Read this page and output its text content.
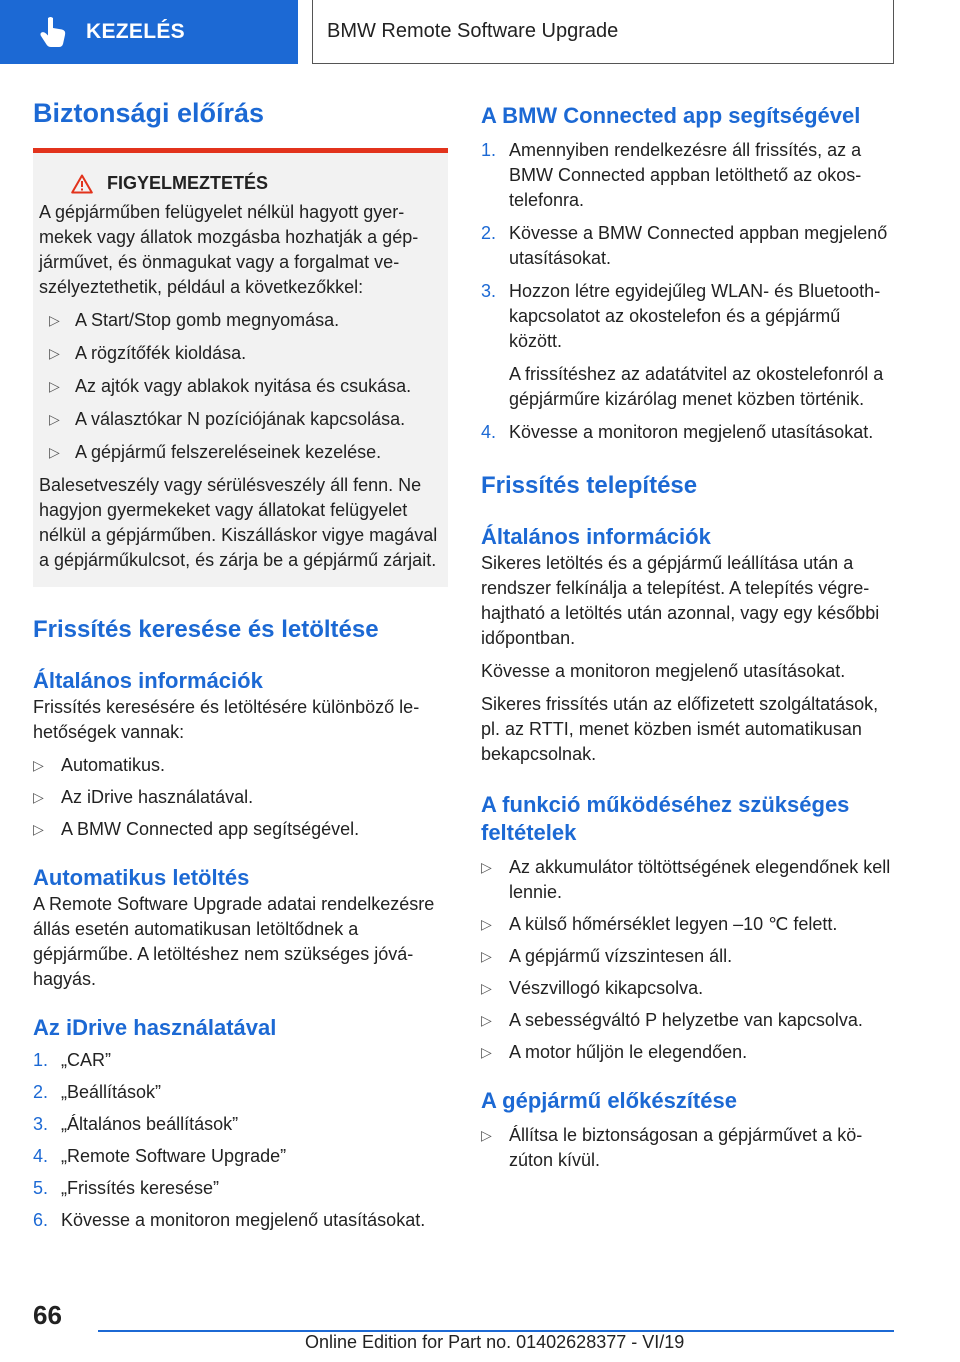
KEZELÉS	BMW Remote Software Upgrade
Biztonsági előírás
FIGYELMEZTETÉS

A gépjárműben felügyelet nélkül hagyott gyermekek vagy állatok mozgásba hozhatják a gépjárművet, és önmagukat vagy a forgalmat veszélyeztethetik, például a következőkkel:

▷ A Start/Stop gomb megnyomása.
▷ A rögzítőfék kioldása.
▷ Az ajtók vagy ablakok nyitása és csukása.
▷ A választókar N pozíciójának kapcsolása.
▷ A gépjármű felszereléseinek kezelése.

Balesetveszély vagy sérülésveszély áll fenn. Ne hagyjon gyermekeket vagy állatokat felügyelet nélkül a gépjárműben. Kiszálláskor vigye magával a gépjárműkulcsot, és zárja be a gépjármű zárjait.

Frissítés keresése és letöltése
Általános információk

Frissítés keresésére és letöltésére különböző lehetőségek vannak:

▷ Automatikus.
▷ Az iDrive használatával.
▷ A BMW Connected app segítségével.
Automatikus letöltés

A Remote Software Upgrade adatai rendelkezésre állás esetén automatikusan letöltődnek a gépjárműbe. A letöltéshez nem szükséges jóváhagyás.

Az iDrive használatával
1. „CAR”
2. „Beállítások”
3. „Általános beállítások”
4. „Remote Software Upgrade”
5. „Frissítés keresése”
6. Kövesse a monitoron megjelenő utasításokat.
A BMW Connected app segítségével
1. Amennyiben rendelkezésre áll frissítés, az a BMW Connected appban letölthető az okostelefonra.
2. Kövesse a BMW Connected appban megjelenő utasításokat.
3. Hozzon létre egyidejűleg WLAN- és Bluetooth-kapcsolatot az okostelefon és a gépjármű között.

A frissítéshez az adatátvitel az okostelefonról a gépjárműre kizárólag menet közben történik.

4. Kövesse a monitoron megjelenő utasításokat.
Frissítés telepítése
Általános információk

Sikeres letöltés és a gépjármű leállítása után a rendszer felkínálja a telepítést. A telepítés végrehajtható a letöltés után azonnal, vagy egy későbbi időpontban.

Kövesse a monitoron megjelenő utasításokat.

Sikeres frissítés után az előfizetett szolgáltatások, pl. az RTTI, menet közben ismét automatikusan bekapcsolnak.

A funkció működéséhez szükséges feltételek
▷ Az akkumulátor töltöttségének elegendőnek kell lennie.
▷ A külső hőmérséklet legyen –10 ℃ felett.
▷ A gépjármű vízszintesen áll.
▷ Vészvillogó kikapcsolva.
▷ A sebességváltó P helyzetbe van kapcsolva.
▷ A motor hűljön le elegendően.
A gépjármű előkészítése
▷ Állítsa le biztonságosan a gépjárművet a közúton kívül.
66
Online Edition for Part no. 01402628377 - VI/19
